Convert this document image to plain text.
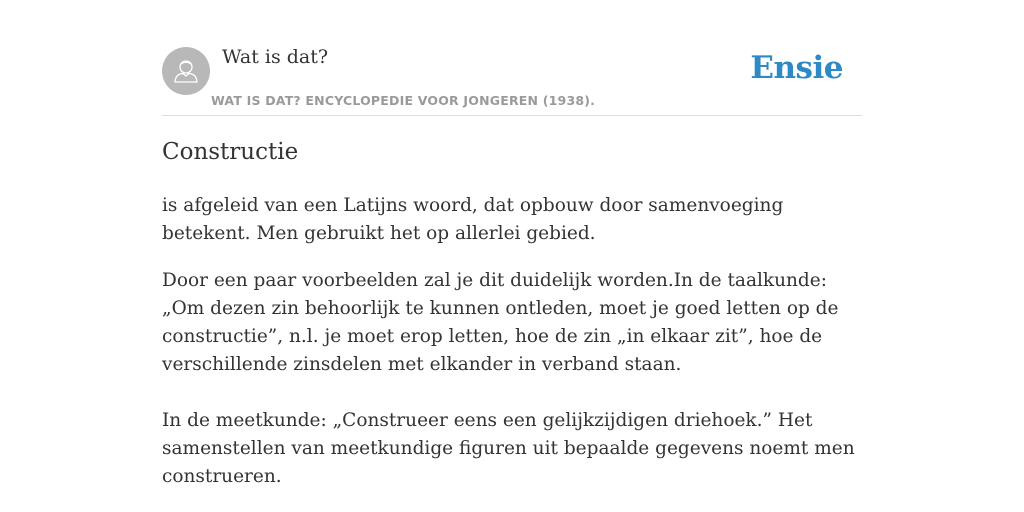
Wat is dat?
WAT IS DAT? ENCYCLOPEDIE VOOR JONGEREN (1938).
Ensie
Constructie

is afgeleid van een Latijns woord, dat opbouw door samenvoeging betekent. Men gebruikt het op allerlei gebied.

Door een paar voorbeelden zal je dit duidelijk worden.In de taalkunde: „Om dezen zin behoorlijk te kunnen ontleden, moet je goed letten op de constructie”, n.l. je moet erop letten, hoe de zin „in elkaar zit”, hoe de verschillende zinsdelen met elkander in verband staan.

In de meetkunde: „Construeer eens een gelijkzijdigen driehoek.” Het samenstellen van meetkundige figuren uit bepaalde gegevens noemt men construeren.
